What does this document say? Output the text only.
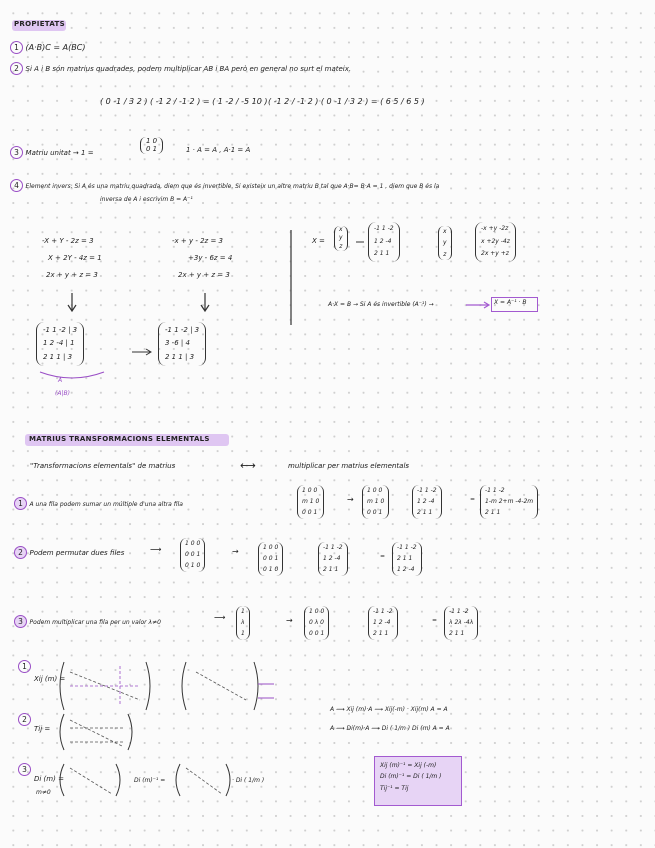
PROPIETATS
1 (A·B)C = A(BC)
2 Si A i B són matrius quadrades, podem multiplicar AB i BA però en general no surt el mateix.
( 0 -1 / 3 2 ) ( -1 2 / -1 2 ) = ( 1 -2 / -5 10 ) ( -1 2 / -1 2 ) ( 0 -1 / 3 2 ) = ( 6 5 / 6 5 )
3 Matriu unitat → 1 =
1 0
0 1	1 · A = A , A·1 = A
4 Element invers: Si A és una matriu quadrada, diem que és invertible. Si existeix un altre matriu B tal que A·B= B·A = 1 , diem que B és la
inversa de A i escrivim B = A⁻¹
-X + Y - 2z = 3
X + 2Y - 4z = 1
2x + y + z = 3
-x + y - 2z = 3
+3y - 6z = 4
2x + y + z = 3
-1 1 -2 | 3
1 2 -4 | 1
2 1 1 | 3
A
(A|B)
-1 1 -2 | 3
3 -6 | 4
2 1 1 | 3
X =
x
y
z
-1 1 -2
1 2 -4
2 1 1
x
y
z
-x +y -2z
x +2y -4z
2x +y +z
A·X = B → Si A és invertible (A⁻¹) →	X = A⁻¹ · B
MATRIUS TRANSFORMACIONS ELEMENTALS
"Transformacions elementals" de matrius	⟷	multiplicar per matrius elementals
1 A una fila podem sumar un múltiple d'una altra fila
1 0 0
m 1 0
0 0 1
→
1 0 0
m 1 0
0 0 1
-1 1 -2
1 2 -4
2 1 1
=
-1 1 -2
1-m 2+m -4-2m
2 1 1
2 Podem permutar dues files	⟶
1 0 0
0 0 1
0 1 0
→	1 0 0
0 0 1
0 1 0
-1 1 -2
1 2 -4
2 1 1
=
-1 1 -2
2 1 1
1 2 -4
3 Podem multiplicar una fila per un valor λ≠0
⟶
1
λ
1
→
1 0 0
0 λ 0
0 0 1
-1 1 -2
1 2 -4
2 1 1
=
-1 1 -2
λ 2λ -4λ
2 1 1
1
Xij (m) =
2
Tij =
3
Di (m) =
m≠0
Di (m)⁻¹ =	· Di ( 1/m )
A ⟿ Xij (m)·A ⟿ Xij(-m) · Xij(m) A = A
A ⟿ Di(m)·A ⟿ Di ( 1/m ) Di (m) A = A
Xij (m)⁻¹ = Xij (-m)
Di (m)⁻¹ = Di ( 1/m )
Tij⁻¹ = Tij
